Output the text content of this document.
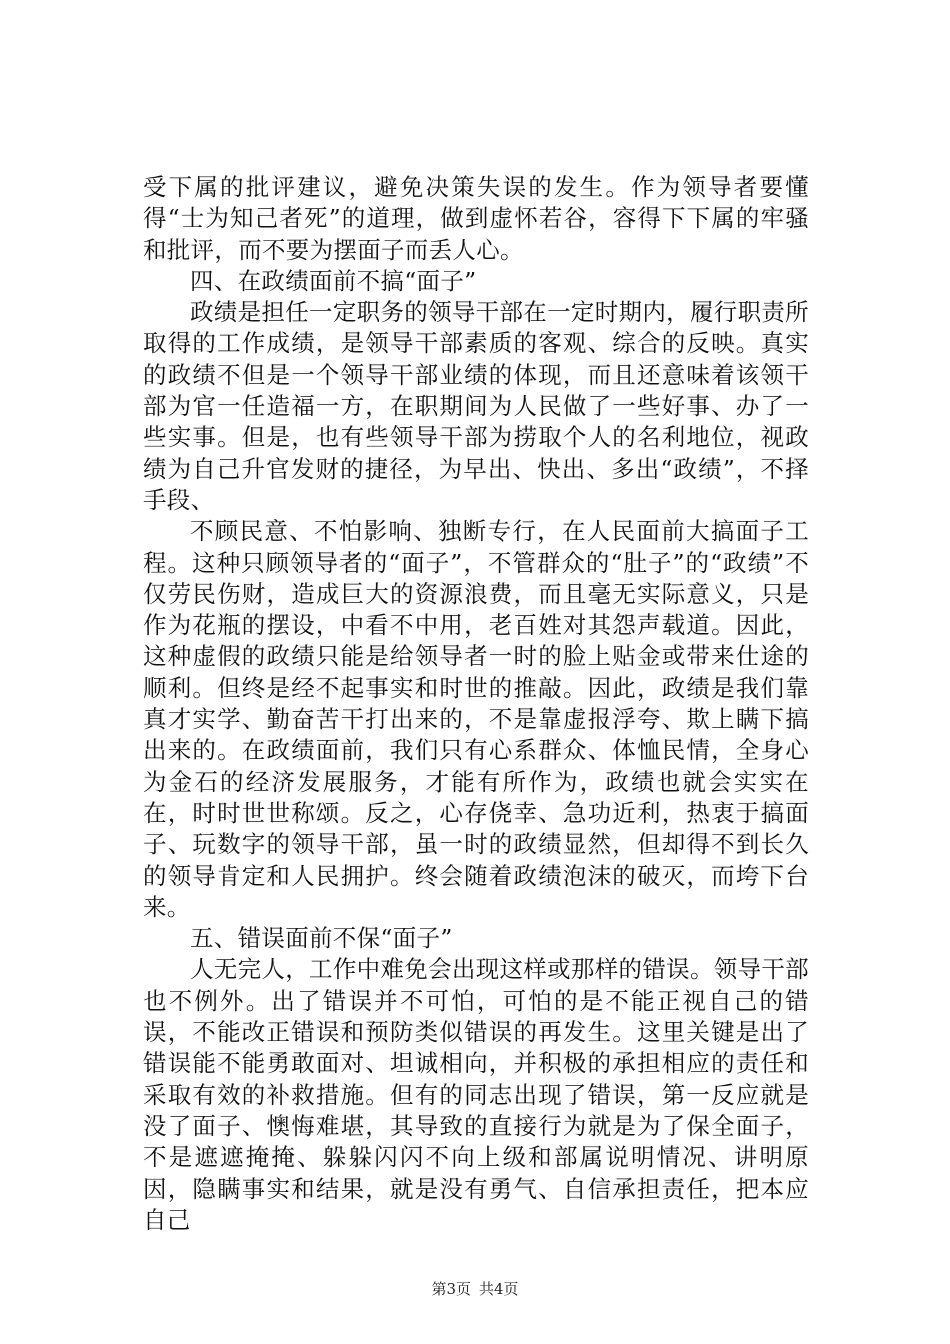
受下属的批评建议，避免决策失误的发生。作为领导者要懂得“士为知己者死”的道理，做到虚怀若谷，容得下下属的牢骚和批评，而不要为摆面子而丢人心。

四、在政绩面前不搞“面子”

政绩是担任一定职务的领导干部在一定时期内，履行职责所取得的工作成绩，是领导干部素质的客观、综合的反映。真实的政绩不但是一个领导干部业绩的体现，而且还意味着该领干部为官一任造福一方，在职期间为人民做了一些好事、办了一些实事。但是，也有些领导干部为捞取个人的名利地位，视政绩为自己升官发财的捷径，为早出、快出、多出“政绩”，不择手段、

不顾民意、不怕影响、独断专行，在人民面前大搞面子工程。这种只顾领导者的“面子”，不管群众的“肚子”的“政绩”不仅劳民伤财，造成巨大的资源浪费，而且毫无实际意义，只是作为花瓶的摆设，中看不中用，老百姓对其怨声载道。因此，这种虚假的政绩只能是给领导者一时的脸上贴金或带来仕途的顺利。但终是经不起事实和时世的推敲。因此，政绩是我们靠真才实学、勤奋苦干打出来的，不是靠虚报浮夸、欺上瞒下搞出来的。在政绩面前，我们只有心系群众、体恤民情，全身心为金石的经济发展服务，才能有所作为，政绩也就会实实在在，时时世世称颂。反之，心存侥幸、急功近利，热衷于搞面子、玩数字的领导干部，虽一时的政绩显然，但却得不到长久的领导肯定和人民拥护。终会随着政绩泡沫的破灭，而垮下台来。

五、错误面前不保“面子”

人无完人，工作中难免会出现这样或那样的错误。领导干部也不例外。出了错误并不可怕，可怕的是不能正视自己的错误，不能改正错误和预防类似错误的再发生。这里关键是出了错误能不能勇敢面对、坦诚相向，并积极的承担相应的责任和采取有效的补救措施。但有的同志出现了错误，第一反应就是没了面子、懊悔难堪，其导致的直接行为就是为了保全面子，不是遮遮掩掩、躲躲闪闪不向上级和部属说明情况、讲明原因，隐瞒事实和结果，就是没有勇气、自信承担责任，把本应自己

第3页 共4页
